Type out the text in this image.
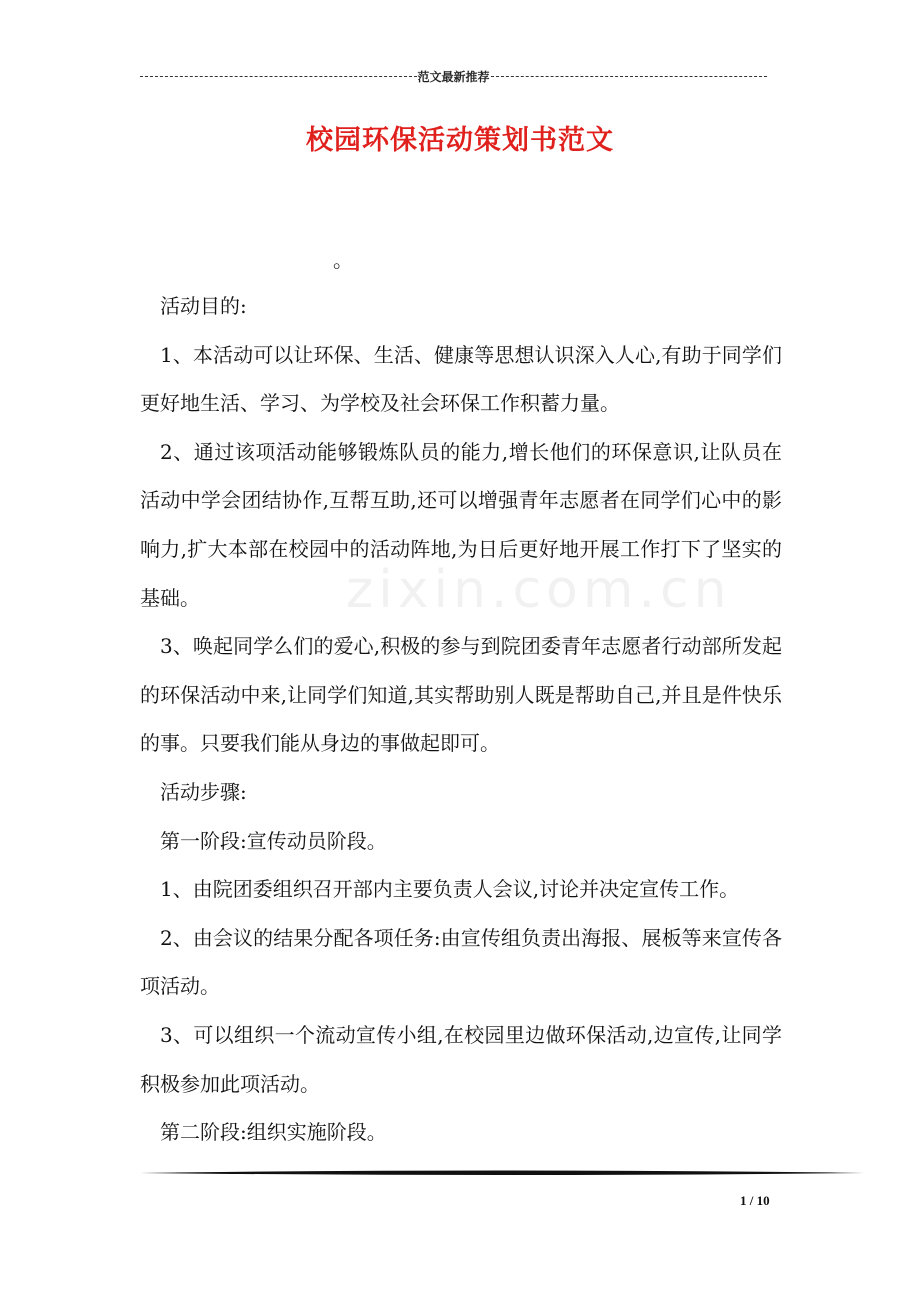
范文最新推荐
校园环保活动策划书范文
。
zixin.com.cn

活动目的:

1、本活动可以让环保、生活、健康等思想认识深入人心,有助于同学们更好地生活、学习、为学校及社会环保工作积蓄力量。

2、通过该项活动能够锻炼队员的能力,增长他们的环保意识,让队员在活动中学会团结协作,互帮互助,还可以增强青年志愿者在同学们心中的影响力,扩大本部在校园中的活动阵地,为日后更好地开展工作打下了坚实的基础。

3、唤起同学么们的爱心,积极的参与到院团委青年志愿者行动部所发起的环保活动中来,让同学们知道,其实帮助别人既是帮助自己,并且是件快乐的事。只要我们能从身边的事做起即可。

活动步骤:

第一阶段:宣传动员阶段。

1、由院团委组织召开部内主要负责人会议,讨论并决定宣传工作。

2、由会议的结果分配各项任务:由宣传组负责出海报、展板等来宣传各项活动。

3、可以组织一个流动宣传小组,在校园里边做环保活动,边宣传,让同学积极参加此项活动。

第二阶段:组织实施阶段。

1 / 10
